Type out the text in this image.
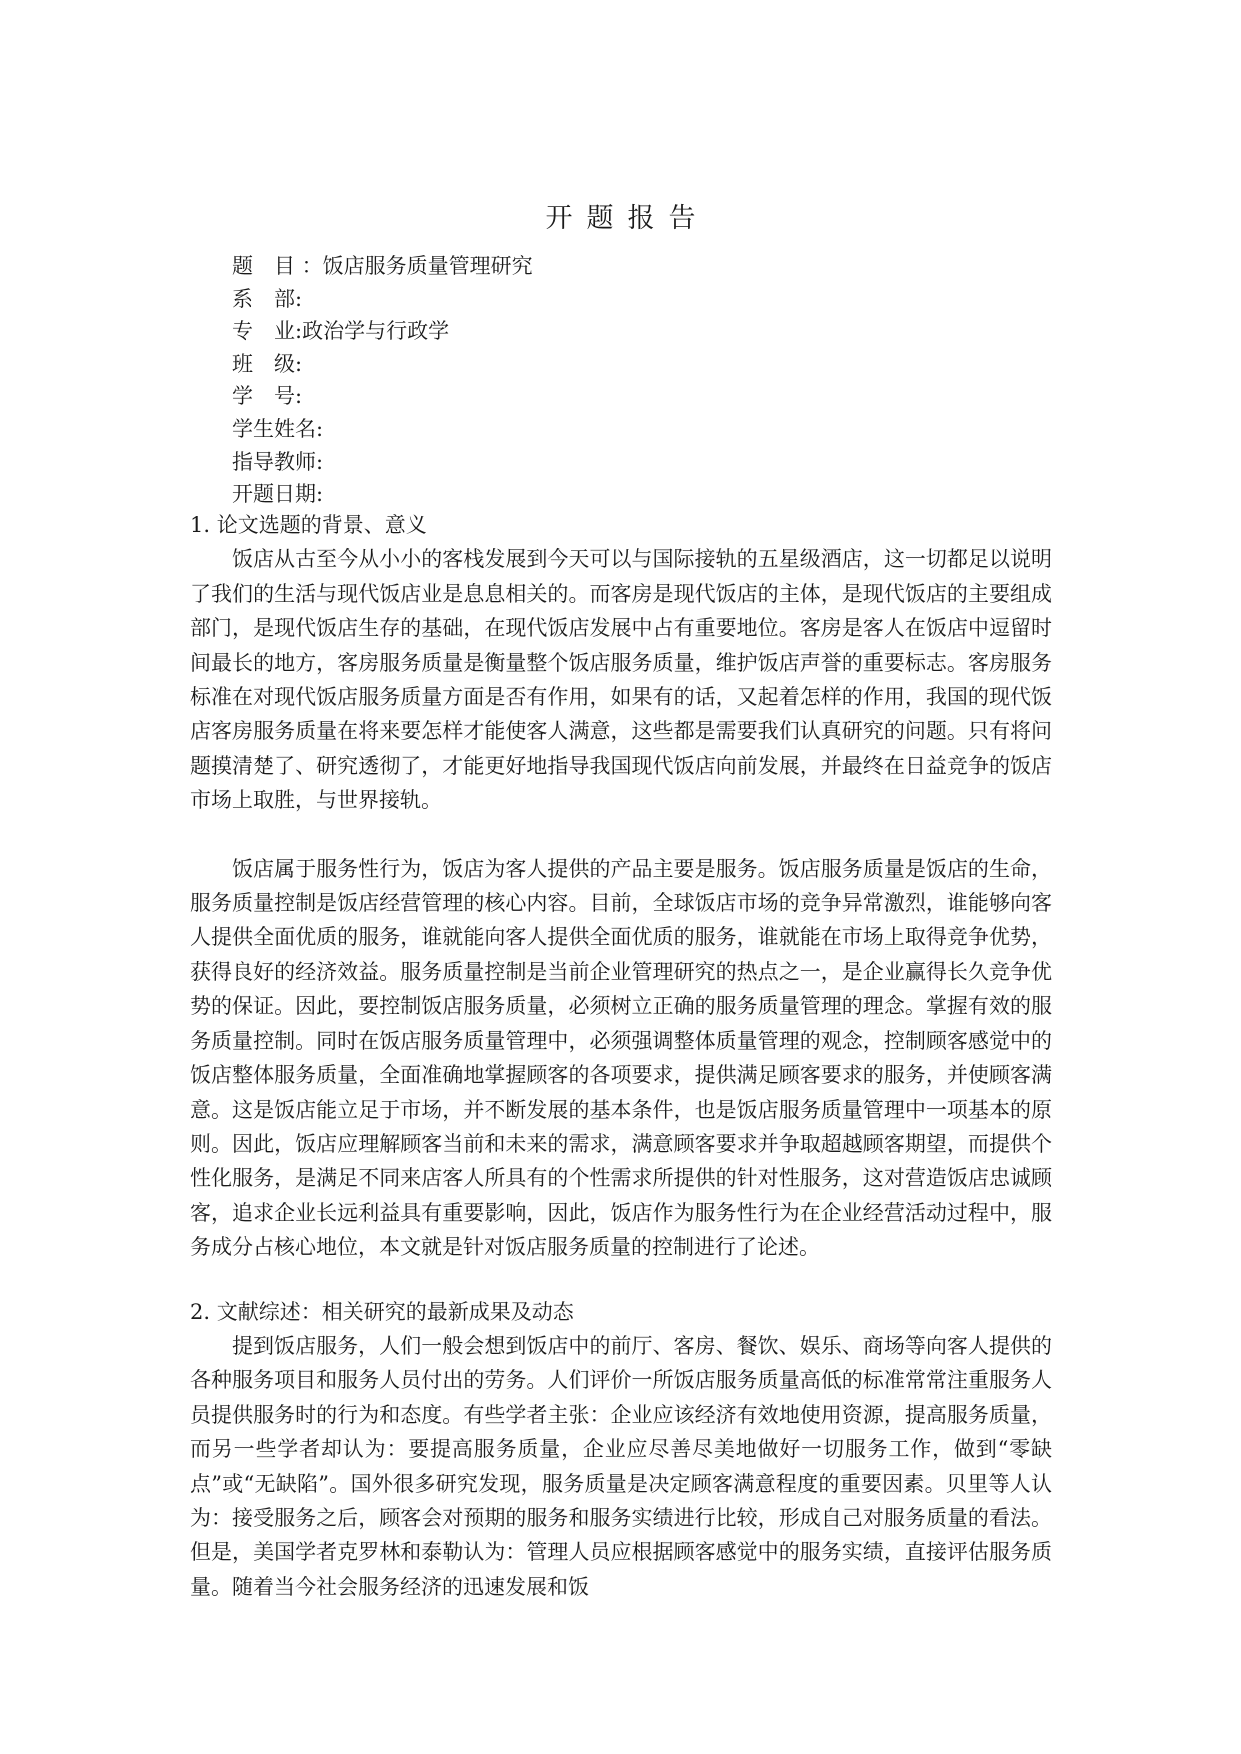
开题报告
题　目 ：饭店服务质量管理研究
系　部:
专　业:政治学与行政学
班　级:
学　号:
学生姓名:
指导教师:
开题日期:
1. 论文选题的背景、意义

饭店从古至今从小小的客栈发展到今天可以与国际接轨的五星级酒店，这一切都足以说明了我们的生活与现代饭店业是息息相关的。而客房是现代饭店的主体，是现代饭店的主要组成部门，是现代饭店生存的基础，在现代饭店发展中占有重要地位。客房是客人在饭店中逗留时间最长的地方，客房服务质量是衡量整个饭店服务质量，维护饭店声誉的重要标志。客房服务标准在对现代饭店服务质量方面是否有作用，如果有的话，又起着怎样的作用，我国的现代饭店客房服务质量在将来要怎样才能使客人满意，这些都是需要我们认真研究的问题。只有将问题摸清楚了、研究透彻了，才能更好地指导我国现代饭店向前发展，并最终在日益竞争的饭店市场上取胜，与世界接轨。

饭店属于服务性行为，饭店为客人提供的产品主要是服务。饭店服务质量是饭店的生命，服务质量控制是饭店经营管理的核心内容。目前，全球饭店市场的竞争异常激烈，谁能够向客人提供全面优质的服务，谁就能向客人提供全面优质的服务，谁就能在市场上取得竞争优势，获得良好的经济效益。服务质量控制是当前企业管理研究的热点之一，是企业赢得长久竞争优势的保证。因此，要控制饭店服务质量，必须树立正确的服务质量管理的理念。掌握有效的服务质量控制。同时在饭店服务质量管理中，必须强调整体质量管理的观念，控制顾客感觉中的饭店整体服务质量，全面准确地掌握顾客的各项要求，提供满足顾客要求的服务，并使顾客满意。这是饭店能立足于市场，并不断发展的基本条件，也是饭店服务质量管理中一项基本的原则。因此，饭店应理解顾客当前和未来的需求，满意顾客要求并争取超越顾客期望，而提供个性化服务，是满足不同来店客人所具有的个性需求所提供的针对性服务，这对营造饭店忠诚顾客，追求企业长远利益具有重要影响，因此，饭店作为服务性行为在企业经营活动过程中，服务成分占核心地位，本文就是针对饭店服务质量的控制进行了论述。

2. 文献综述：相关研究的最新成果及动态

提到饭店服务，人们一般会想到饭店中的前厅、客房、餐饮、娱乐、商场等向客人提供的各种服务项目和服务人员付出的劳务。人们评价一所饭店服务质量高低的标准常常注重服务人员提供服务时的行为和态度。有些学者主张：企业应该经济有效地使用资源，提高服务质量，而另一些学者却认为：要提高服务质量，企业应尽善尽美地做好一切服务工作，做到“零缺点”或“无缺陷”。国外很多研究发现，服务质量是决定顾客满意程度的重要因素。贝里等人认为：接受服务之后，顾客会对预期的服务和服务实绩进行比较，形成自己对服务质量的看法。但是，美国学者克罗林和泰勒认为：管理人员应根据顾客感觉中的服务实绩，直接评估服务质量。随着当今社会服务经济的迅速发展和饭
